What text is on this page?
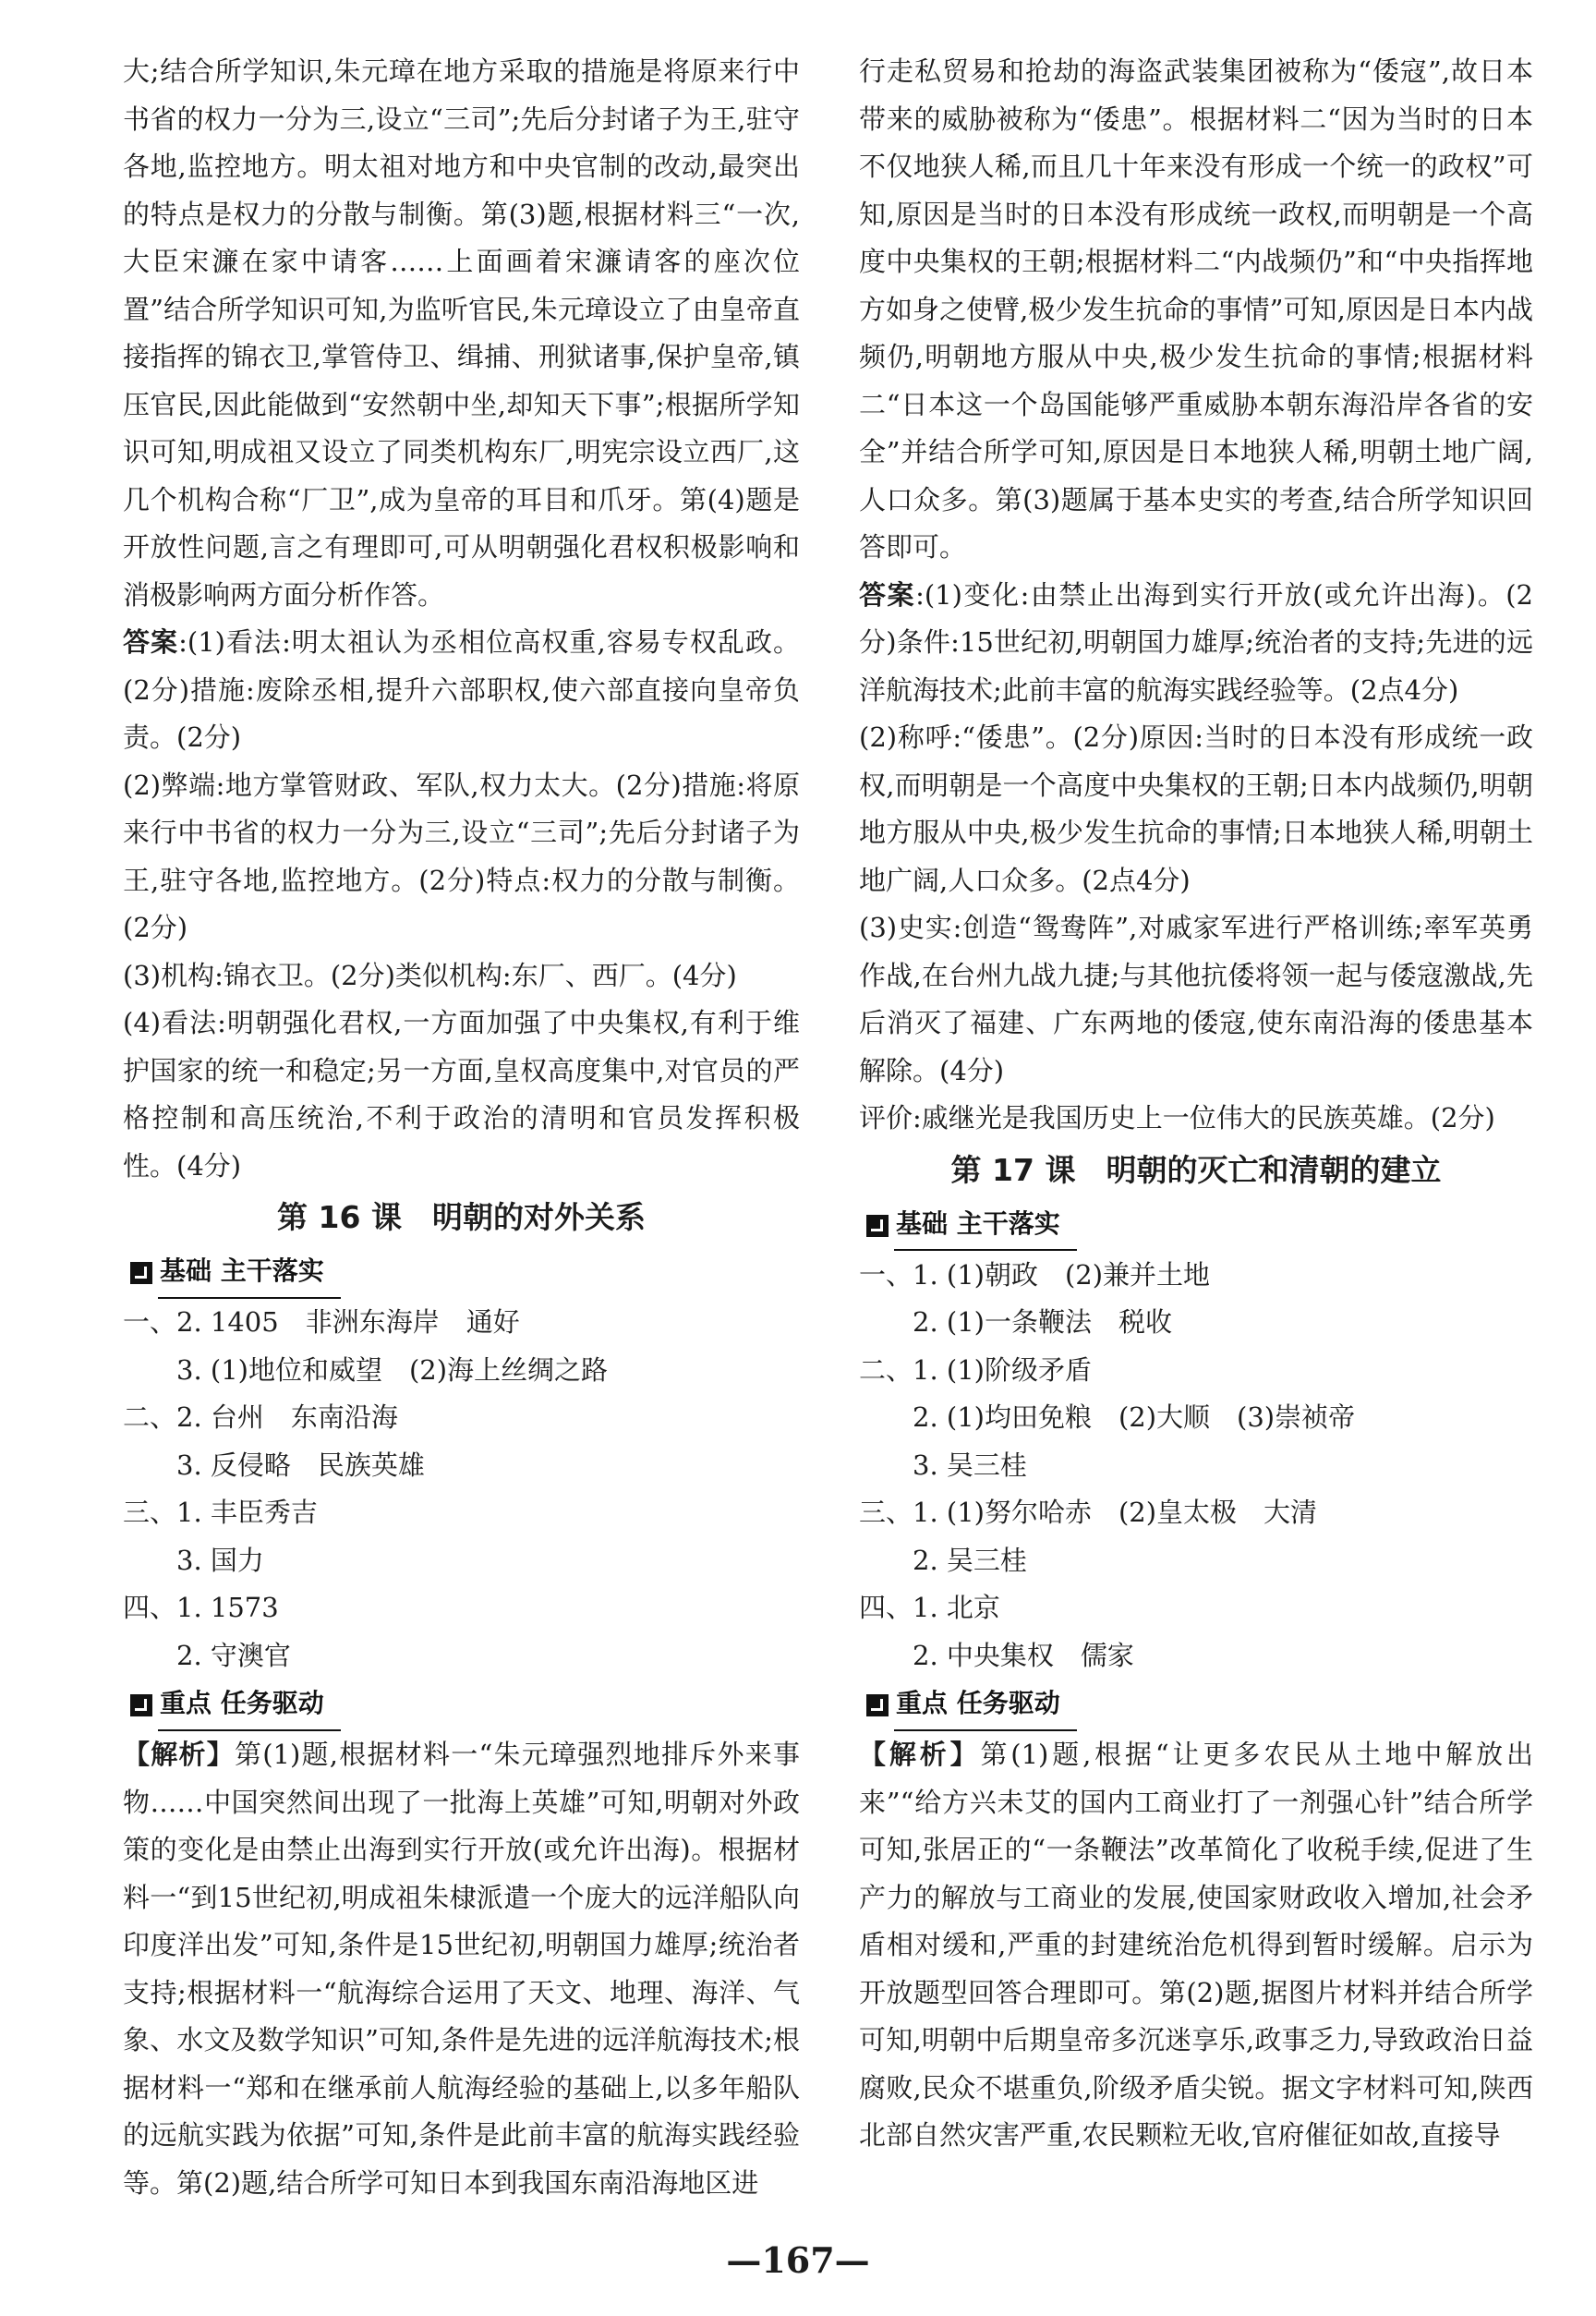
大;结合所学知识,朱元璋在地方采取的措施是将原来行中书省的权力一分为三,设立“三司”;先后分封诸子为王,驻守各地,监控地方。明太祖对地方和中央官制的改动,最突出的特点是权力的分散与制衡。第(3)题,根据材料三“一次,大臣宋濂在家中请客……上面画着宋濂请客的座次位置”结合所学知识可知,为监听官民,朱元璋设立了由皇帝直接指挥的锦衣卫,掌管侍卫、缉捕、刑狱诸事,保护皇帝,镇压官民,因此能做到“安然朝中坐,却知天下事”;根据所学知识可知,明成祖又设立了同类机构东厂,明宪宗设立西厂,这几个机构合称“厂卫”,成为皇帝的耳目和爪牙。第(4)题是开放性问题,言之有理即可,可从明朝强化君权积极影响和消极影响两方面分析作答。

答案:(1)看法:明太祖认为丞相位高权重,容易专权乱政。(2分)措施:废除丞相,提升六部职权,使六部直接向皇帝负责。(2分)

(2)弊端:地方掌管财政、军队,权力太大。(2分)措施:将原来行中书省的权力一分为三,设立“三司”;先后分封诸子为王,驻守各地,监控地方。(2分)特点:权力的分散与制衡。(2分)

(3)机构:锦衣卫。(2分)类似机构:东厂、西厂。(4分)

(4)看法:明朝强化君权,一方面加强了中央集权,有利于维护国家的统一和稳定;另一方面,皇权高度集中,对官员的严格控制和高压统治,不利于政治的清明和官员发挥积极性。(4分)

第 16 课　明朝的对外关系
基础 主干落实

一、2. 1405　非洲东海岸　通好

3. (1)地位和威望　(2)海上丝绸之路

二、2. 台州　东南沿海

3. 反侵略　民族英雄

三、1. 丰臣秀吉

3. 国力

四、1. 1573

2. 守澳官

重点 任务驱动

【解析】第(1)题,根据材料一“朱元璋强烈地排斥外来事物……中国突然间出现了一批海上英雄”可知,明朝对外政策的变化是由禁止出海到实行开放(或允许出海)。根据材料一“到15世纪初,明成祖朱棣派遣一个庞大的远洋船队向印度洋出发”可知,条件是15世纪初,明朝国力雄厚;统治者支持;根据材料一“航海综合运用了天文、地理、海洋、气象、水文及数学知识”可知,条件是先进的远洋航海技术;根据材料一“郑和在继承前人航海经验的基础上,以多年船队的远航实践为依据”可知,条件是此前丰富的航海实践经验等。第(2)题,结合所学可知日本到我国东南沿海地区进

行走私贸易和抢劫的海盗武装集团被称为“倭寇”,故日本带来的威胁被称为“倭患”。根据材料二“因为当时的日本不仅地狭人稀,而且几十年来没有形成一个统一的政权”可知,原因是当时的日本没有形成统一政权,而明朝是一个高度中央集权的王朝;根据材料二“内战频仍”和“中央指挥地方如身之使臂,极少发生抗命的事情”可知,原因是日本内战频仍,明朝地方服从中央,极少发生抗命的事情;根据材料二“日本这一个岛国能够严重威胁本朝东海沿岸各省的安全”并结合所学可知,原因是日本地狭人稀,明朝土地广阔,人口众多。第(3)题属于基本史实的考查,结合所学知识回答即可。

答案:(1)变化:由禁止出海到实行开放(或允许出海)。(2分)条件:15世纪初,明朝国力雄厚;统治者的支持;先进的远洋航海技术;此前丰富的航海实践经验等。(2点4分)

(2)称呼:“倭患”。(2分)原因:当时的日本没有形成统一政权,而明朝是一个高度中央集权的王朝;日本内战频仍,明朝地方服从中央,极少发生抗命的事情;日本地狭人稀,明朝土地广阔,人口众多。(2点4分)

(3)史实:创造“鸳鸯阵”,对戚家军进行严格训练;率军英勇作战,在台州九战九捷;与其他抗倭将领一起与倭寇激战,先后消灭了福建、广东两地的倭寇,使东南沿海的倭患基本解除。(4分)

评价:戚继光是我国历史上一位伟大的民族英雄。(2分)

第 17 课　明朝的灭亡和清朝的建立
基础 主干落实

一、1. (1)朝政　(2)兼并土地

2. (1)一条鞭法　税收

二、1. (1)阶级矛盾

2. (1)均田免粮　(2)大顺　(3)崇祯帝

3. 吴三桂

三、1. (1)努尔哈赤　(2)皇太极　大清

2. 吴三桂

四、1. 北京

2. 中央集权　儒家

重点 任务驱动

【解析】第(1)题,根据“让更多农民从土地中解放出来”“给方兴未艾的国内工商业打了一剂强心针”结合所学可知,张居正的“一条鞭法”改革简化了收税手续,促进了生产力的解放与工商业的发展,使国家财政收入增加,社会矛盾相对缓和,严重的封建统治危机得到暂时缓解。启示为开放题型回答合理即可。第(2)题,据图片材料并结合所学可知,明朝中后期皇帝多沉迷享乐,政事乏力,导致政治日益腐败,民众不堪重负,阶级矛盾尖锐。据文字材料可知,陕西北部自然灾害严重,农民颗粒无收,官府催征如故,直接导

—167—
